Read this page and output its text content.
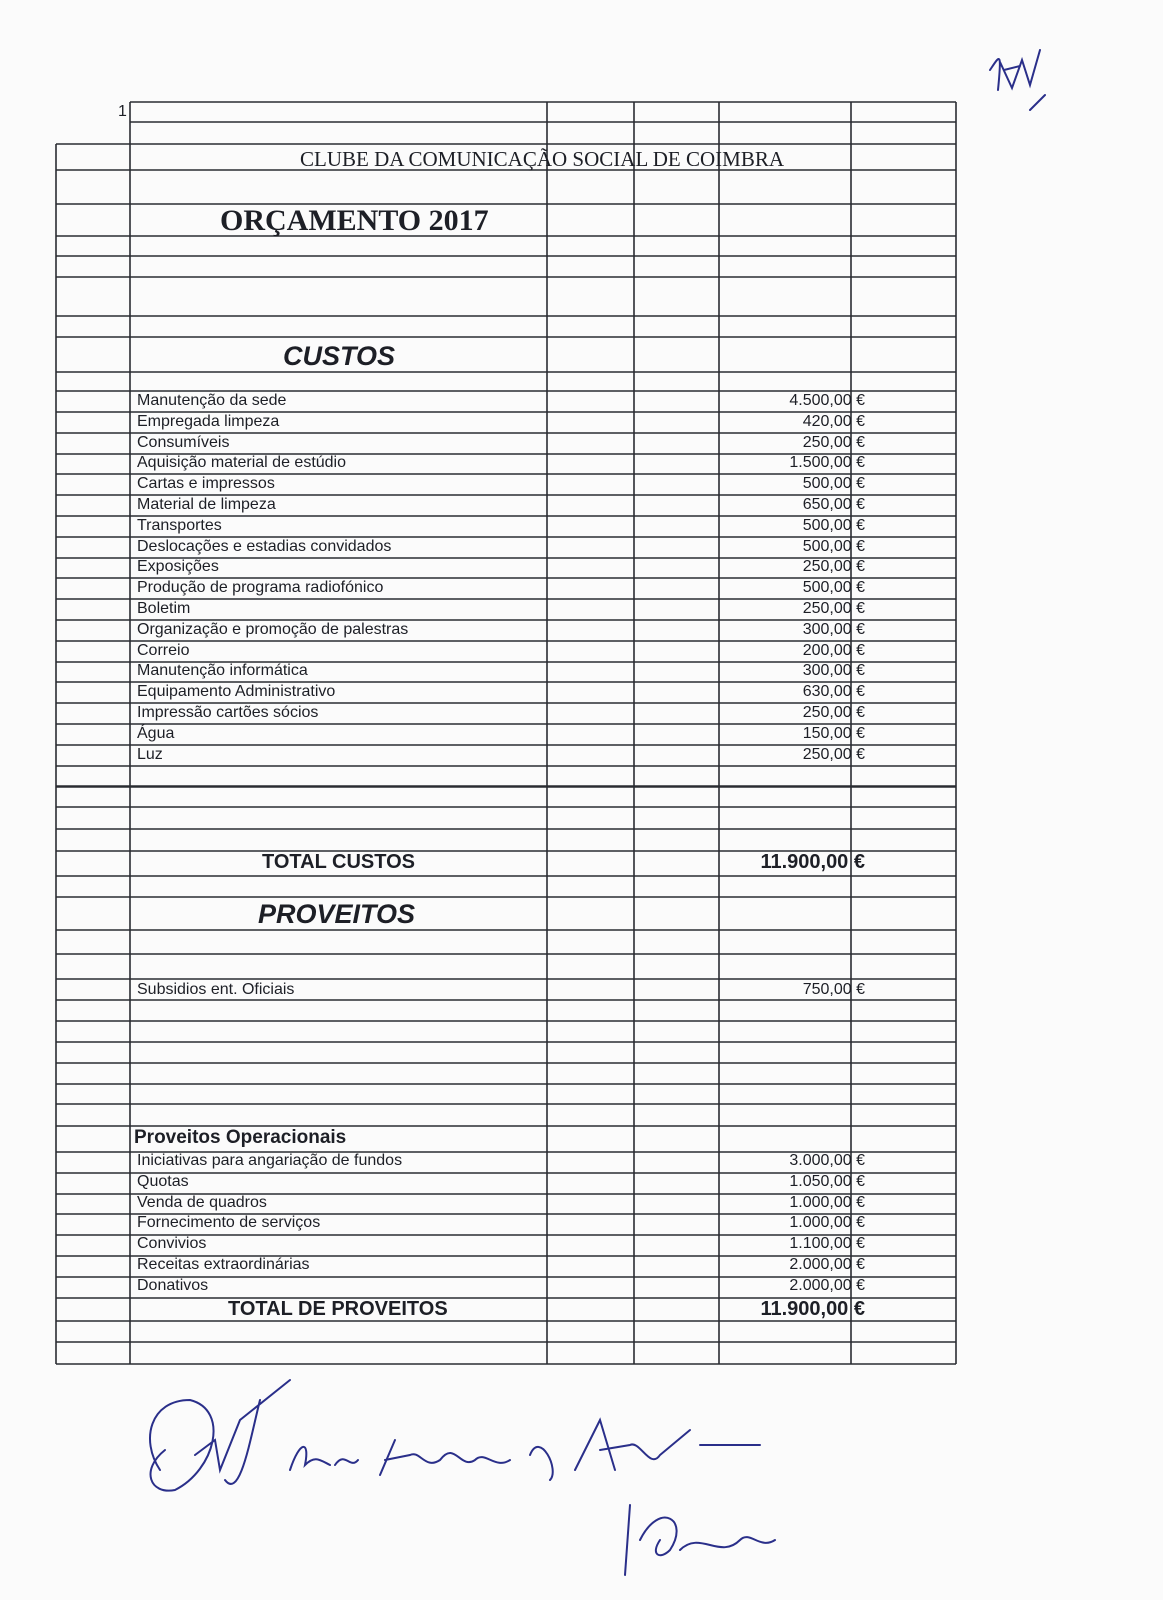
1
CLUBE DA COMUNICAÇÃO SOCIAL DE COIMBRA
ORÇAMENTO 2017
CUSTOS
Manutenção da sede	4.500,00 €
Empregada limpeza	420,00 €
Consumíveis	250,00 €
Aquisição material de estúdio	1.500,00 €
Cartas e impressos	500,00 €
Material de limpeza	650,00 €
Transportes	500,00 €
Deslocações e estadias convidados	500,00 €
Exposições	250,00 €
Produção de programa radiofónico	500,00 €
Boletim	250,00 €
Organização e promoção de palestras	300,00 €
Correio	200,00 €
Manutenção informática	300,00 €
Equipamento Administrativo	630,00 €
Impressão cartões sócios	250,00 €
Água	150,00 €
Luz	250,00 €
TOTAL CUSTOS	11.900,00 €
PROVEITOS
Subsidios ent. Oficiais	750,00 €
Proveitos Operacionais
Iniciativas para angariação de fundos	3.000,00 €
Quotas	1.050,00 €
Venda de quadros	1.000,00 €
Fornecimento de serviços	1.000,00 €
Convivios	1.100,00 €
Receitas extraordinárias	2.000,00 €
Donativos	2.000,00 €
TOTAL DE PROVEITOS	11.900,00 €
